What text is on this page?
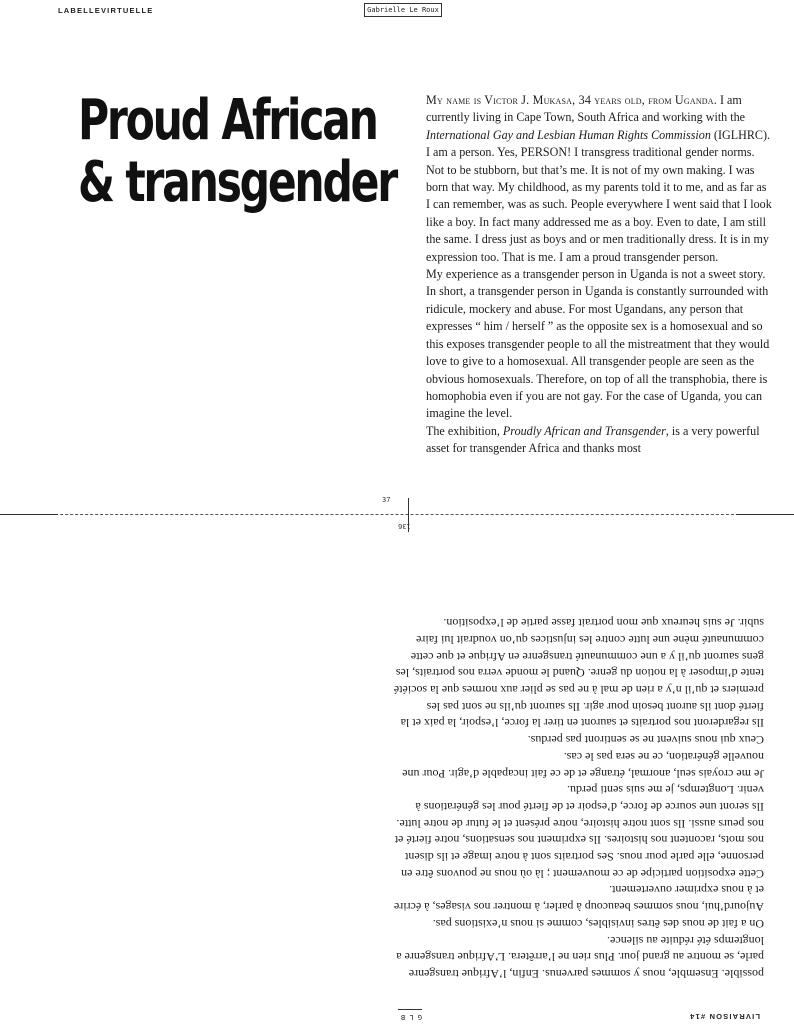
LABELLEVIRTUELLE	Gabrielle Le Roux
Proud African
& transgender

My name is Victor J. Mukasa, 34 years old, from Uganda. I am currently living in Cape Town, South Africa and working with the International Gay and Lesbian Human Rights Commission (IGLHRC).

I am a person. Yes, PERSON! I transgress traditional gender norms. Not to be stubborn, but that’s me. It is not of my own making. I was born that way. My childhood, as my parents told it to me, and as far as I can remember, was as such. People everywhere I went said that I look like a boy. In fact many addressed me as a boy. Even to date, I am still the same. I dress just as boys and or men traditionally dress. It is in my expression too. That is me. I am a proud transgender person.

My experience as a transgender person in Uganda is not a sweet story. In short, a transgender person in Uganda is constantly surrounded with ridicule, mockery and abuse. For most Ugandans, any person that expresses “ him / herself ” as the opposite sex is a homosexual and so this exposes transgender people to all the mistreatment that they would love to give to a homosexual. All transgender people are seen as the obvious homosexuals. Therefore, on top of all the transphobia, there is homophobia even if you are not gay. For the case of Uganda, you can imagine the level.

The exhibition, Proudly African and Transgender, is a very powerful asset for transgender Africa and thanks most

37
136
LIVRAISON #14
G L B

possible. Ensemble, nous y sommes parvenus. Enfin, l’Afrique transgenre parle, se montre au grand jour. Plus rien ne l’arrêtera. L’Afrique transgenre a longtemps été réduite au silence.

On a fait de nous des êtres invisibles, comme si nous n’existions pas. Aujourd’hui, nous sommes beaucoup à parler, à montrer nos visages, à écrire et à nous exprimer ouvertement.

Cette exposition participe de ce mouvement ; là où nous ne pouvons être en personne, elle parle pour nous. Ses portraits sont à notre image et ils disent nos mots, racontent nos histoires. Ils expriment nos sensations, notre fierté et nos peurs aussi. Ils sont notre histoire, notre présent et le futur de notre lutte. Ils seront une source de force, d’espoir et de fierté pour les générations à venir. Longtemps, je me suis senti perdu.

Je me croyais seul, anormal, étrange et de ce fait incapable d’agir. Pour une nouvelle génération, ce ne sera pas le cas.

Ceux qui nous suivent ne se sentiront pas perdus.

Ils regarderont nos portraits et sauront en tirer la force, l’espoir, la paix et la fierté dont ils auront besoin pour agir. Ils sauront qu’ils ne sont pas les premiers et qu’il n’y a rien de mal à ne pas se plier aux normes que la société tente d’imposer à la notion du genre. Quand le monde verra nos portraits, les gens sauront qu’il y a une communauté transgenre en Afrique et que cette communauté mène une lutte contre les injustices qu’on voudrait lui faire subir. Je suis heureux que mon portrait fasse partie de l’exposition.
